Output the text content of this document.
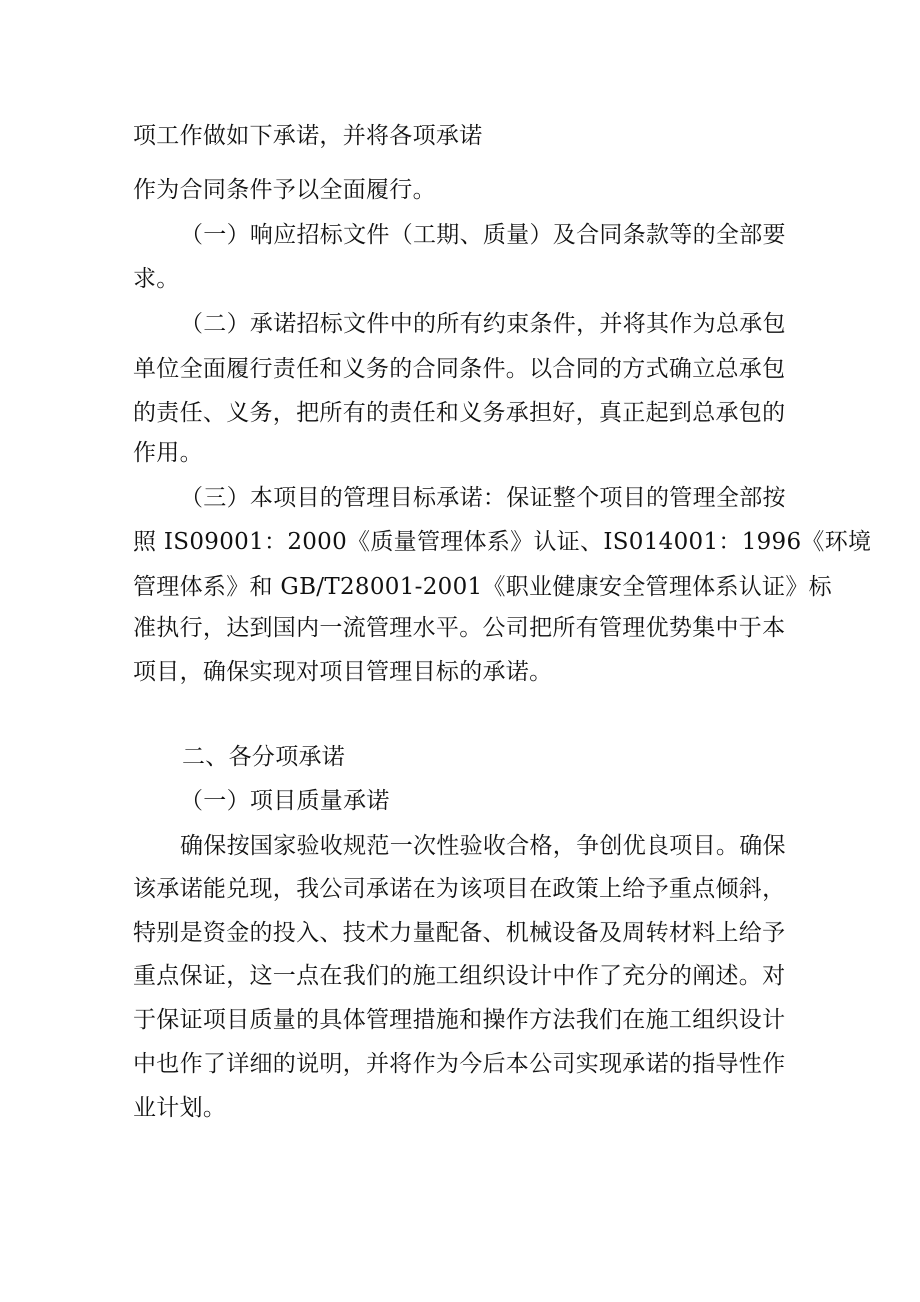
项工作做如下承诺，并将各项承诺
作为合同条件予以全面履行。
（一）响应招标文件（工期、质量）及合同条款等的全部要
求。
（二）承诺招标文件中的所有约束条件，并将其作为总承包
单位全面履行责任和义务的合同条件。以合同的方式确立总承包
的责任、义务，把所有的责任和义务承担好，真正起到总承包的
作用。
（三）本项目的管理目标承诺：保证整个项目的管理全部按
照 IS09001：2000《质量管理体系》认证、IS014001：1996《环境
管理体系》和 GB/T28001-2001《职业健康安全管理体系认证》标
准执行，达到国内一流管理水平。公司把所有管理优势集中于本
项目，确保实现对项目管理目标的承诺。
二、各分项承诺
（一）项目质量承诺
确保按国家验收规范一次性验收合格，争创优良项目。确保
该承诺能兑现，我公司承诺在为该项目在政策上给予重点倾斜，
特别是资金的投入、技术力量配备、机械设备及周转材料上给予
重点保证，这一点在我们的施工组织设计中作了充分的阐述。对
于保证项目质量的具体管理措施和操作方法我们在施工组织设计
中也作了详细的说明，并将作为今后本公司实现承诺的指导性作
业计划。
